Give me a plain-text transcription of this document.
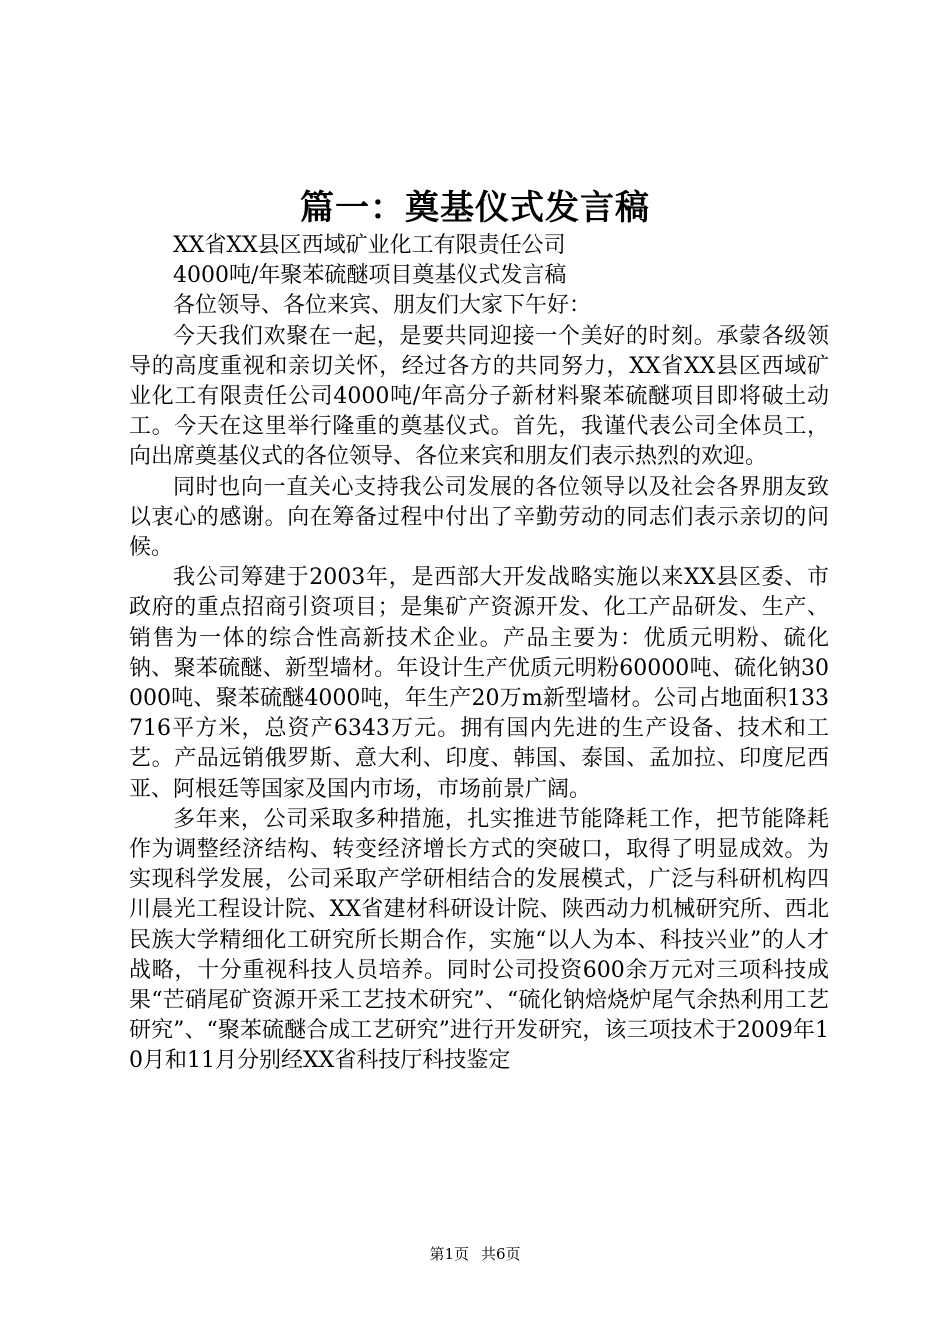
篇一：奠基仪式发言稿

XX省XX县区西域矿业化工有限责任公司

4000吨/年聚苯硫醚项目奠基仪式发言稿

各位领导、各位来宾、朋友们大家下午好：

今天我们欢聚在一起，是要共同迎接一个美好的时刻。承蒙各级领导的高度重视和亲切关怀，经过各方的共同努力，XX省XX县区西域矿业化工有限责任公司4000吨/年高分子新材料聚苯硫醚项目即将破土动工。今天在这里举行隆重的奠基仪式。首先，我谨代表公司全体员工，向出席奠基仪式的各位领导、各位来宾和朋友们表示热烈的欢迎。

同时也向一直关心支持我公司发展的各位领导以及社会各界朋友致以衷心的感谢。向在筹备过程中付出了辛勤劳动的同志们表示亲切的问候。

我公司筹建于2003年，是西部大开发战略实施以来XX县区委、市政府的重点招商引资项目；是集矿产资源开发、化工产品研发、生产、销售为一体的综合性高新技术企业。产品主要为：优质元明粉、硫化钠、聚苯硫醚、新型墙材。年设计生产优质元明粉60000吨、硫化钠30000吨、聚苯硫醚4000吨，年生产20万m新型墙材。公司占地面积133716平方米，总资产6343万元。拥有国内先进的生产设备、技术和工艺。产品远销俄罗斯、意大利、印度、韩国、泰国、孟加拉、印度尼西亚、阿根廷等国家及国内市场，市场前景广阔。

多年来，公司采取多种措施，扎实推进节能降耗工作，把节能降耗作为调整经济结构、转变经济增长方式的突破口，取得了明显成效。为实现科学发展，公司采取产学研相结合的发展模式，广泛与科研机构四川晨光工程设计院、XX省建材科研设计院、陕西动力机械研究所、西北民族大学精细化工研究所长期合作，实施“以人为本、科技兴业”的人才战略，十分重视科技人员培养。同时公司投资600余万元对三项科技成果“芒硝尾矿资源开采工艺技术研究”、“硫化钠焙烧炉尾气余热利用工艺研究”、“聚苯硫醚合成工艺研究”进行开发研究，该三项技术于2009年10月和11月分别经XX省科技厅科技鉴定

第1页 共6页
